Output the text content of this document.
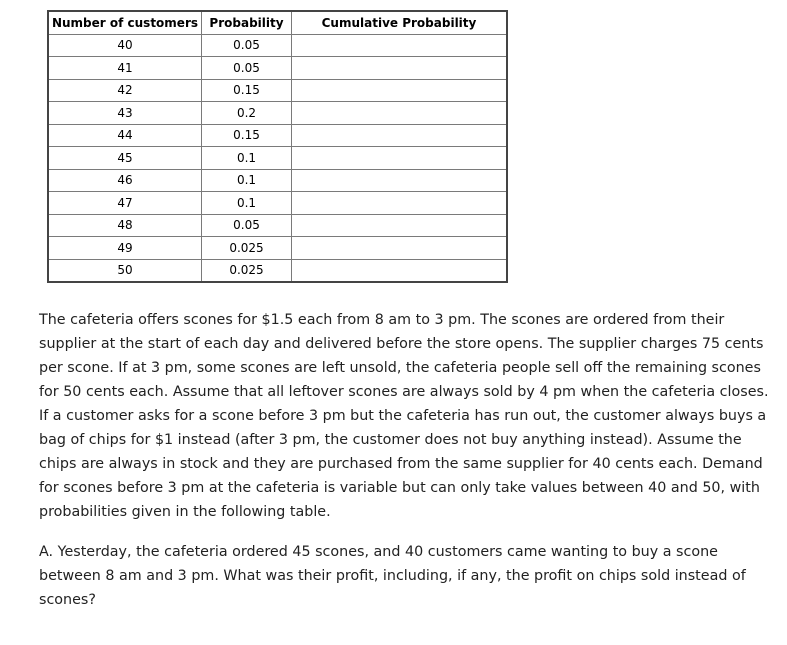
Number of customers	Probability	Cumulative Probability
40	0.05	
41	0.05	
42	0.15	
43	0.2	
44	0.15	
45	0.1	
46	0.1	
47	0.1	
48	0.05	
49	0.025	
50	0.025	

The cafeteria offers scones for $1.5 each from 8 am to 3 pm. The scones are ordered from their supplier at the start of each day and delivered before the store opens. The supplier charges 75 cents per scone. If at 3 pm, some scones are left unsold, the cafeteria people sell off the remaining scones for 50 cents each. Assume that all leftover scones are always sold by 4 pm when the cafeteria closes. If a customer asks for a scone before 3 pm but the cafeteria has run out, the customer always buys a bag of chips for $1 instead (after 3 pm, the customer does not buy anything instead). Assume the chips are always in stock and they are purchased from the same supplier for 40 cents each. Demand for scones before 3 pm at the cafeteria is variable but can only take values between 40 and 50, with probabilities given in the following table.

A. Yesterday, the cafeteria ordered 45 scones, and 40 customers came wanting to buy a scone between 8 am and 3 pm. What was their profit, including, if any, the profit on chips sold instead of scones?
